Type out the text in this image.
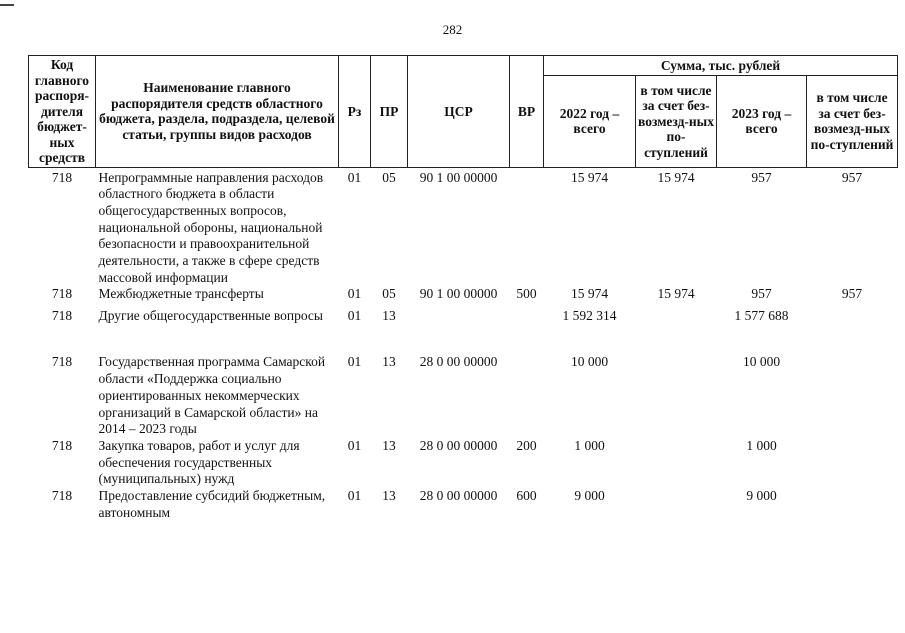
282
Код главного распоря-дителя бюджет-ных средств	Наименование главного распорядителя средств областного бюджета, раздела, подраздела, целевой статьи, группы видов расходов	Рз	ПР	ЦСР	ВР	Сумма, тыс. рублей			
						2022 год – всего	в том числе за счет без-возмезд-ных по-ступлений	2023 год – всего	в том числе за счет без-возмезд-ных по-ступлений
718	Непрограммные направления расходов областного бюджета в области общегосударственных вопросов, национальной обороны, национальной безопасности и правоохранительной деятельности, а также в сфере средств массовой информации	01	05	90 1 00 00000		15 974	15 974	957	957
718	Межбюджетные трансферты	01	05	90 1 00 00000	500	15 974	15 974	957	957
718	Другие общегосударственные вопросы	01	13			1 592 314		1 577 688	
718	Государственная программа Самарской области «Поддержка социально ориентированных некоммерческих организаций в Самарской области» на 2014 – 2023 годы	01	13	28 0 00 00000		10 000		10 000	
718	Закупка товаров, работ и услуг для обеспечения государственных (муниципальных) нужд	01	13	28 0 00 00000	200	1 000		1 000	
718	Предоставление субсидий бюджетным, автономным	01	13	28 0 00 00000	600	9 000		9 000	
